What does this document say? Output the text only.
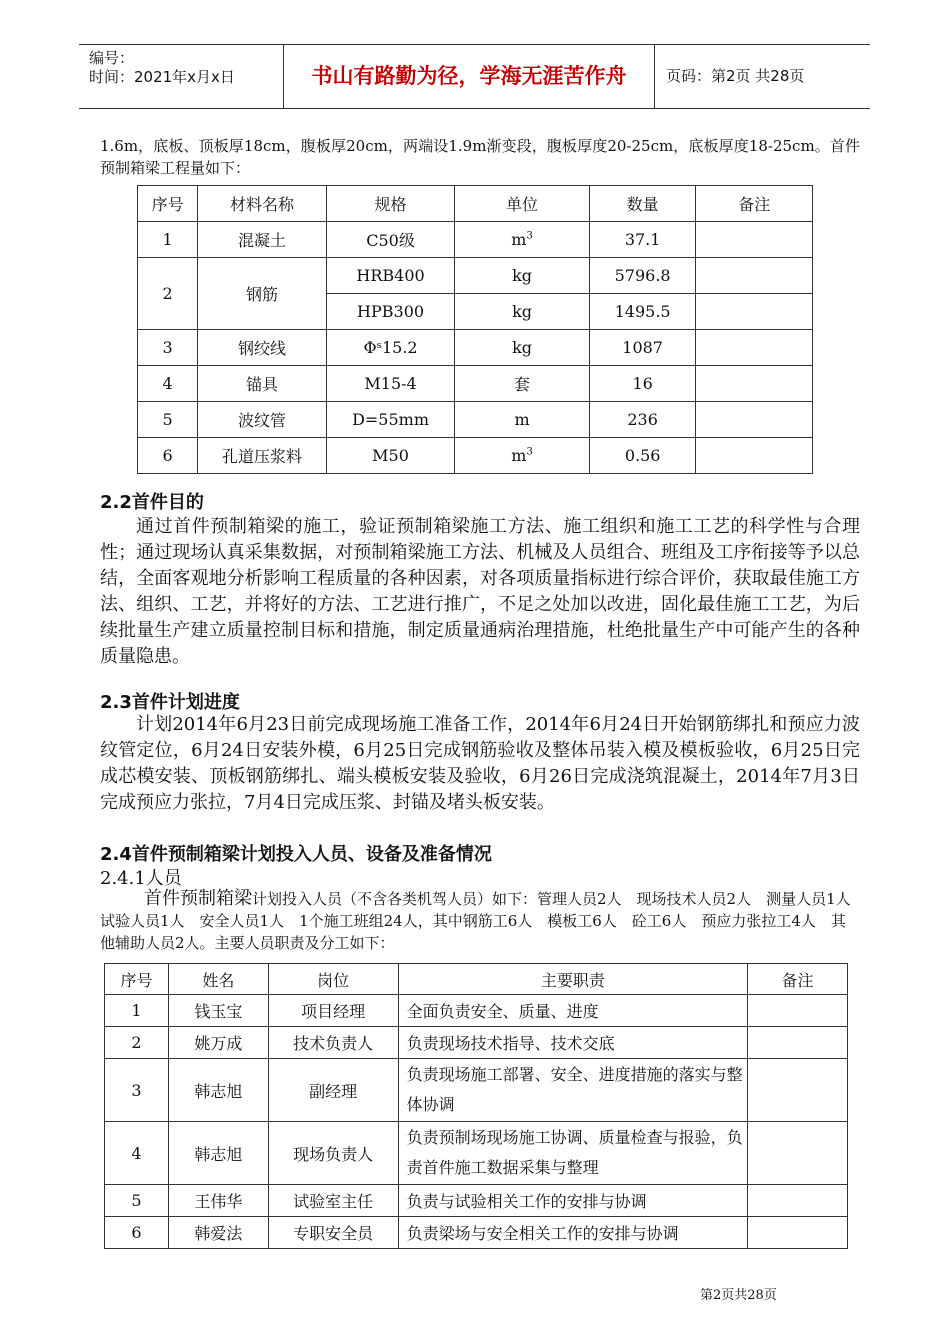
编号：
时间：2021年x月x日	书山有路勤为径，学海无涯苦作舟	页码：第2页 共28页
1.6m，底板、顶板厚18cm，腹板厚20cm，两端设1.9m渐变段，腹板厚度20-25cm，底板厚度18-25cm。首件预制箱梁工程量如下：
序号	材料名称	规格	单位	数量	备注
1	混凝土	C50级	$m^3$	37.1	
2	钢筋	HRB400	kg	5796.8	
		HPB300	kg	1495.5	
3	钢绞线	Φˢ15.2	kg	1087	
4	锚具	M15-4	套	16	
5	波纹管	D=55mm	m	236	
6	孔道压浆料	M50	$m^3$	0.56	
2.2首件目的
通过首件预制箱梁的施工，验证预制箱梁施工方法、施工组织和施工工艺的科学性与合理性；通过现场认真采集数据，对预制箱梁施工方法、机械及人员组合、班组及工序衔接等予以总结，全面客观地分析影响工程质量的各种因素，对各项质量指标进行综合评价，获取最佳施工方法、组织、工艺，并将好的方法、工艺进行推广，不足之处加以改进，固化最佳施工工艺，为后续批量生产建立质量控制目标和措施，制定质量通病治理措施，杜绝批量生产中可能产生的各种质量隐患。
2.3首件计划进度
计划2014年6月23日前完成现场施工准备工作，2014年6月24日开始钢筋绑扎和预应力波纹管定位，6月24日安装外模，6月25日完成钢筋验收及整体吊装入模及模板验收，6月25日完成芯模安装、顶板钢筋绑扎、端头模板安装及验收，6月26日完成浇筑混凝土，2014年7月3日完成预应力张拉，7月4日完成压浆、封锚及堵头板安装。
2.4首件预制箱梁计划投入人员、设备及准备情况
2.4.1人员
首件预制箱梁计划投入人员（不含各类机驾人员）如下：管理人员2人　现场技术人员2人　测量人员1人　试验人员1人　安全人员1人　1个施工班组24人，其中钢筋工6人　模板工6人　砼工6人　预应力张拉工4人　其他辅助人员2人。主要人员职责及分工如下：
序号	姓名	岗位	主要职责	备注
1	钱玉宝	项目经理	全面负责安全、质量、进度	
2	姚万成	技术负责人	负责现场技术指导、技术交底	
3	韩志旭	副经理	负责现场施工部署、安全、进度措施的落实与整体协调	
4	韩志旭	现场负责人	负责预制场现场施工协调、质量检查与报验，负责首件施工数据采集与整理	
5	王伟华	试验室主任	负责与试验相关工作的安排与协调	
6	韩爱法	专职安全员	负责梁场与安全相关工作的安排与协调	
第2页共28页
